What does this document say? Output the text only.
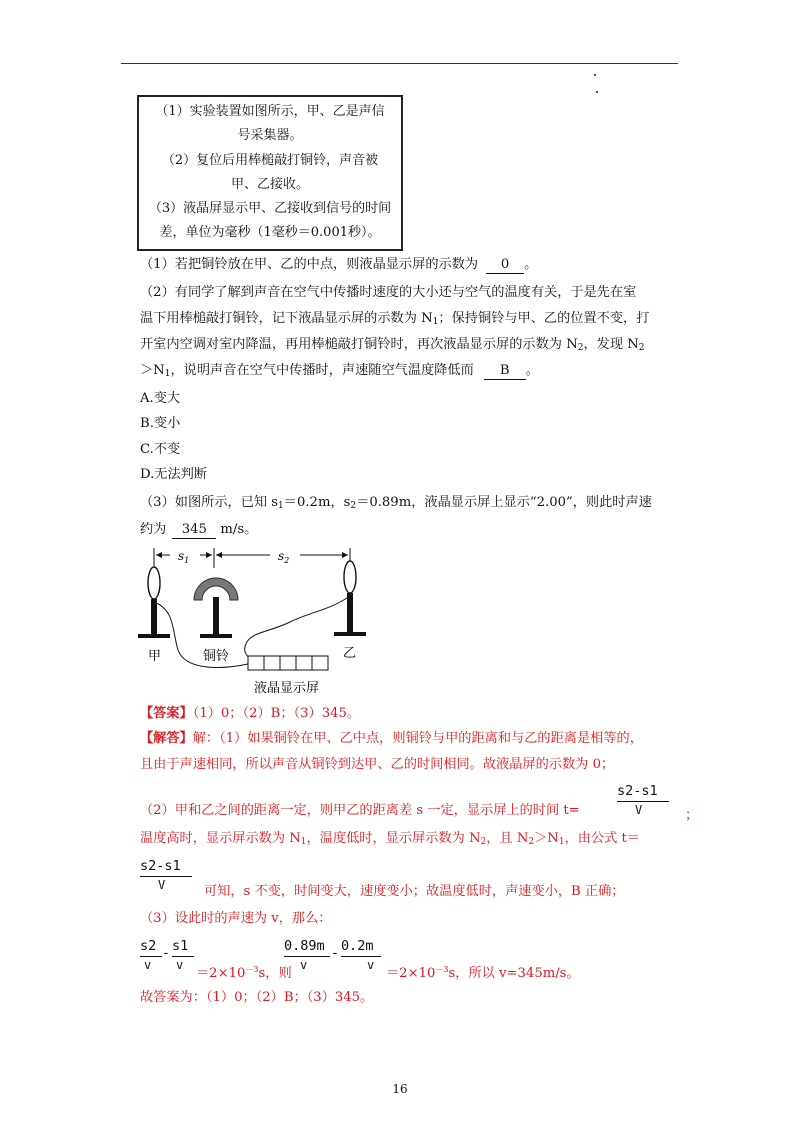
（1）实验装置如图所示，甲、乙是声信
号采集器。
（2）复位后用棒槌敲打铜铃，声音被
甲、乙接收。
（3）液晶屏显示甲、乙接收到信号的时间
差，单位为毫秒（1毫秒＝0.001秒）。
（1）若把铜铃放在甲、乙的中点，则液晶显示屏的示数为 0 。
（2）有同学了解到声音在空气中传播时速度的大小还与空气的温度有关，于是先在室
温下用棒槌敲打铜铃，记下液晶显示屏的示数为 $N_1$；保持铜铃与甲、乙的位置不变，打
开室内空调对室内降温，再用棒槌敲打铜铃时，再次液晶显示屏的示数为 $N_2$，发现 $N_2$
$>N_1$，说明声音在空气中传播时，声速随空气温度降低而 B 。
A.变大
B.变小
C.不变
D.无法判断
（3）如图所示，已知 $s_1=0.2m$，$s_2=0.89m$，液晶显示屏上显示“2.00”，则此时声速
约为 345 m/s。
$s_1$	$s_2$
甲	铜铃	乙
液晶显示屏
【答案】（1）0；（2）B；（3）345。
【解答】解：（1）如果铜铃在甲、乙中点，则铜铃与甲的距离和与乙的距离是相等的，
且由于声速相同，所以声音从铜铃到达甲、乙的时间相同。故液晶屏的示数为 0；
（2）甲和乙之间的距离一定，则甲乙的距离差 s 一定，显示屏上的时间 t=
s2-s1
V	；
温度高时，显示屏示数为 $N_1$，温度低时，显示屏示数为 $N_2$，且 $N_2>N_1$，由公式 t＝
s2-s1
V	可知，s 不变，时间变大，速度变小；故温度低时，声速变小，B 正确；
（3）设此时的声速为 v，那么：
s2
v
- s1
v
$=2\times 10^{-3}s$，则
0.89m
v
- 0.2m
v
$=2\times 10^{-3}s$，所以 v=345m/s。
故答案为：（1）0；（2）B；（3）345。
16
